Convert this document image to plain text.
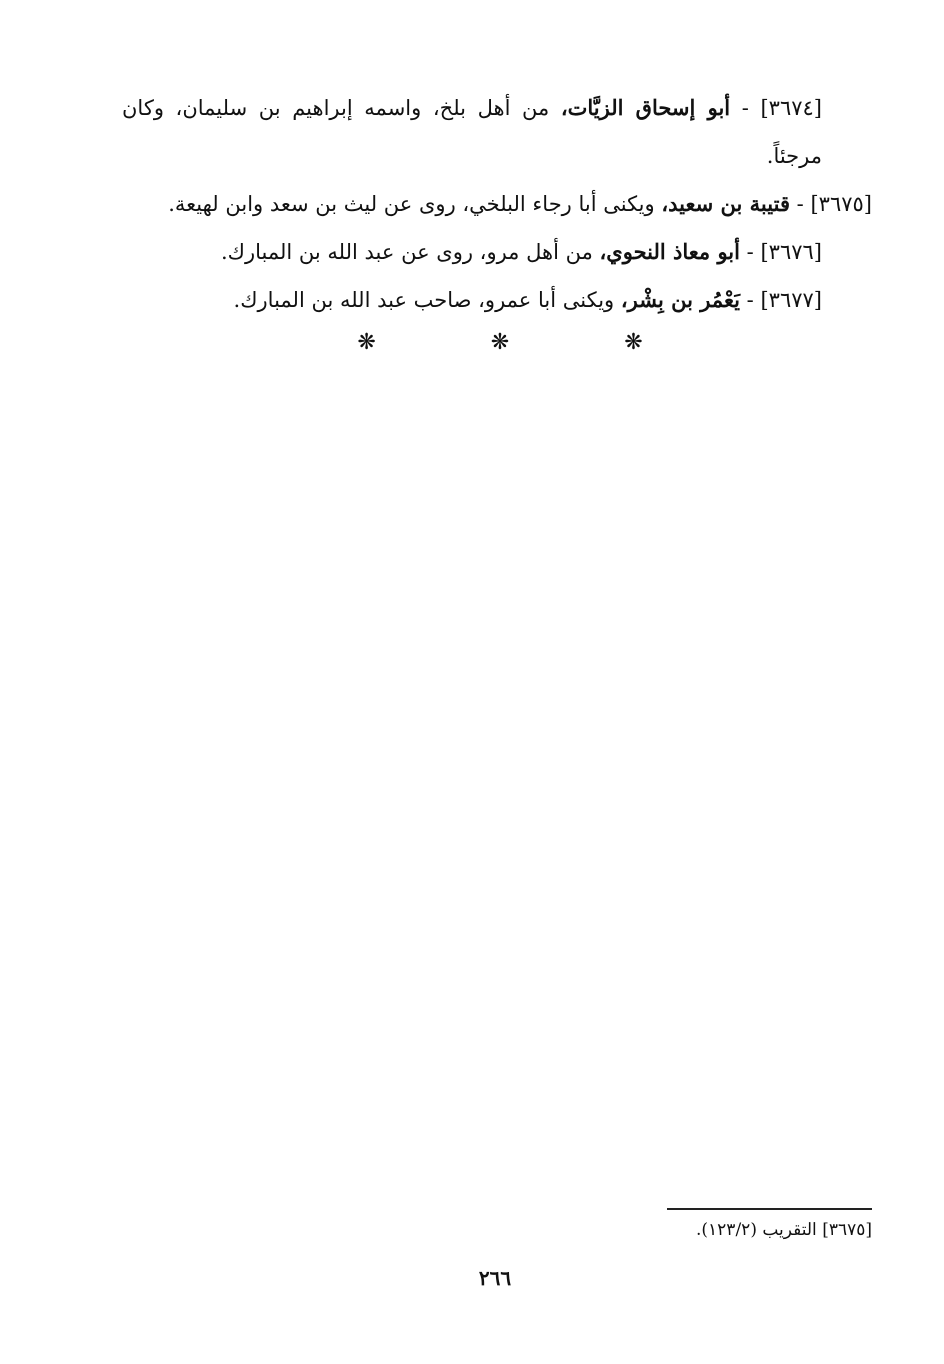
[٣٦٧٤] - أبو إسحاق الزيَّات، من أهل بلخ، واسمه إبراهيم بن سليمان، وكان مرجئاً.

[٣٦٧٥] - قتيبة بن سعيد، ويكنى أبا رجاء البلخي، روى عن ليث بن سعد وابن لهيعة.

[٣٦٧٦] - أبو معاذ النحوي، من أهل مرو، روى عن عبد الله بن المبارك.

[٣٦٧٧] - يَعْمُر بن بِشْر، ويكنى أبا عمرو، صاحب عبد الله بن المبارك.

❋	❋	❋
[٣٦٧٥] التقريب (١٢٣/٢).
٢٦٦
